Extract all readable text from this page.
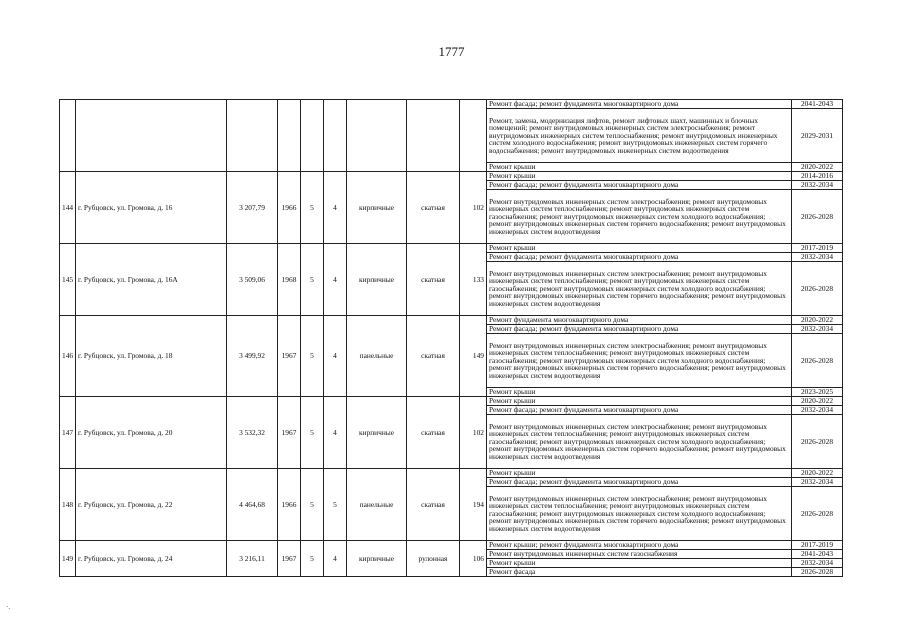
1777
									Ремонт фасада; ремонт фундамента многоквартирного дома	2041-2043
									Ремонт, замена, модернизация лифтов, ремонт лифтовых шахт, машинных и блочных помещений; ремонт внутридомовых инженерных систем электроснабжения; ремонт внутридомовых инженерных систем теплоснабжения; ремонт внутридомовых инженерных систем холодного водоснабжения; ремонт внутридомовых инженерных систем горячего водоснабжения; ремонт внутридомовых инженерных систем водоотведения	2029-2031
									Ремонт крыши	2020-2022
144	г. Рубцовск, ул. Громова, д. 16	3 207,79	1966	5	4	кирпичные	скатная	102	Ремонт крыши	2014-2016
									Ремонт фасада; ремонт фундамента многоквартирного дома	2032-2034
									Ремонт внутридомовых инженерных систем электроснабжения; ремонт внутридомовых инженерных систем теплоснабжения; ремонт внутридомовых инженерных систем газоснабжения; ремонт внутридомовых инженерных систем холодного водоснабжения; ремонт внутридомовых инженерных систем горячего водоснабжения; ремонт внутридомовых инженерных систем водоотведения	2026-2028
145	г. Рубцовск, ул. Громова, д. 16А	3 509,06	1968	5	4	кирпичные	скатная	133	Ремонт крыши	2017-2019
									Ремонт фасада; ремонт фундамента многоквартирного дома	2032-2034
									Ремонт внутридомовых инженерных систем электроснабжения; ремонт внутридомовых инженерных систем теплоснабжения; ремонт внутридомовых инженерных систем газоснабжения; ремонт внутридомовых инженерных систем холодного водоснабжения; ремонт внутридомовых инженерных систем горячего водоснабжения; ремонт внутридомовых инженерных систем водоотведения	2026-2028
146	г. Рубцовск, ул. Громова, д. 18	3 499,92	1967	5	4	панельные	скатная	149	Ремонт фундамента многоквартирного дома	2020-2022
									Ремонт фасада; ремонт фундамента многоквартирного дома	2032-2034
									Ремонт внутридомовых инженерных систем электроснабжения; ремонт внутридомовых инженерных систем теплоснабжения; ремонт внутридомовых инженерных систем газоснабжения; ремонт внутридомовых инженерных систем холодного водоснабжения; ремонт внутридомовых инженерных систем горячего водоснабжения; ремонт внутридомовых инженерных систем водоотведения	2026-2028
									Ремонт крыши	2023-2025
147	г. Рубцовск, ул. Громова, д. 20	3 532,32	1967	5	4	кирпичные	скатная	102	Ремонт крыши	2020-2022
									Ремонт фасада; ремонт фундамента многоквартирного дома	2032-2034
									Ремонт внутридомовых инженерных систем электроснабжения; ремонт внутридомовых инженерных систем теплоснабжения; ремонт внутридомовых инженерных систем газоснабжения; ремонт внутридомовых инженерных систем холодного водоснабжения; ремонт внутридомовых инженерных систем горячего водоснабжения; ремонт внутридомовых инженерных систем водоотведения	2026-2028
148	г. Рубцовск, ул. Громова, д. 22	4 464,68	1966	5	5	панельные	скатная	194	Ремонт крыши	2020-2022
									Ремонт фасада; ремонт фундамента многоквартирного дома	2032-2034
									Ремонт внутридомовых инженерных систем электроснабжения; ремонт внутридомовых инженерных систем теплоснабжения; ремонт внутридомовых инженерных систем газоснабжения; ремонт внутридомовых инженерных систем холодного водоснабжения; ремонт внутридомовых инженерных систем горячего водоснабжения; ремонт внутридомовых инженерных систем водоотведения	2026-2028
149	г. Рубцовск, ул. Громова, д. 24	3 216,11	1967	5	4	кирпичные	рулонная	106	Ремонт крыши; ремонт фундамента многоквартирного дома	2017-2019
									Ремонт внутридомовых инженерных систем газоснабжения	2041-2043
									Ремонт крыши	2032-2034
									Ремонт фасада	2026-2028
·.
